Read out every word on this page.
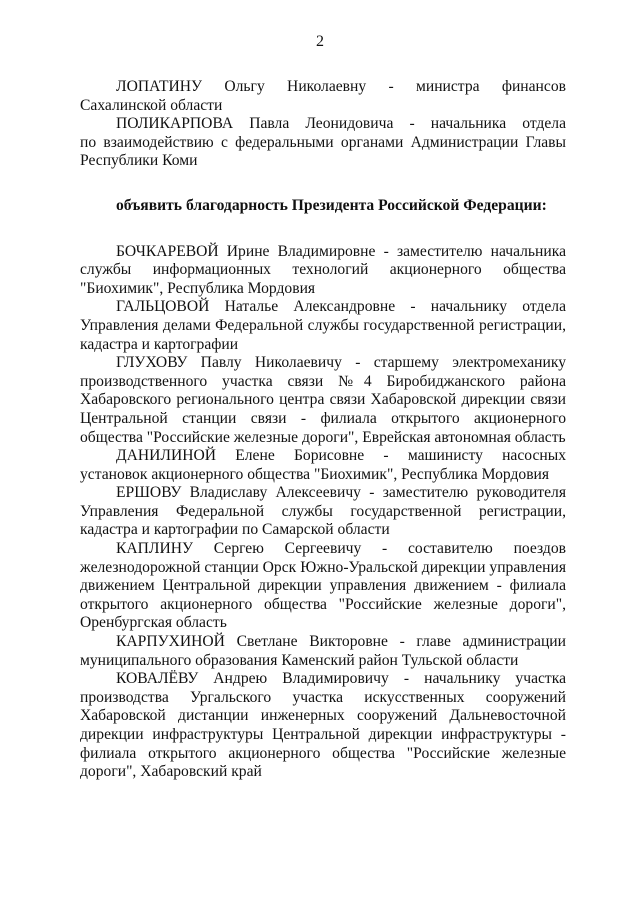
2

ЛОПАТИНУ Ольгу Николаевну - министра финансов
Сахалинской области

ПОЛИКАРПОВА Павла Леонидовича - начальника отдела
по взаимодействию с федеральными органами Администрации Главы Республики Коми

объявить благодарность Президента Российской Федерации:

БОЧКАРЕВОЙ Ирине Владимировне - заместителю начальника
службы информационных технологий акционерного общества "Биохимик", Республика Мордовия

ГАЛЬЦОВОЙ Наталье Александровне - начальнику отдела
Управления делами Федеральной службы государственной регистрации, кадастра и картографии

ГЛУХОВУ Павлу Николаевичу - старшему электромеханику
производственного участка связи №4 Биробиджанского района Хабаровского регионального центра связи Хабаровской дирекции связи Центральной станции связи - филиала открытого акционерного общества "Российские железные дороги", Еврейская автономная область

ДАНИЛИНОЙ Елене Борисовне - машинисту насосных
установок акционерного общества "Биохимик", Республика Мордовия

ЕРШОВУ Владиславу Алексеевичу - заместителю руководителя
Управления Федеральной службы государственной регистрации, кадастра и картографии по Самарской области

КАПЛИНУ Сергею Сергеевичу - составителю поездов
железнодорожной станции Орск Южно-Уральской дирекции управления движением Центральной дирекции управления движением - филиала открытого акционерного общества "Российские железные дороги", Оренбургская область

КАРПУХИНОЙ Светлане Викторовне - главе администрации
муниципального образования Каменский район Тульской области

КОВАЛЁВУ Андрею Владимировичу - начальнику участка
производства Ургальского участка искусственных сооружений Хабаровской дистанции инженерных сооружений Дальневосточной дирекции инфраструктуры Центральной дирекции инфраструктуры - филиала открытого акционерного общества "Российские железные дороги", Хабаровский край
